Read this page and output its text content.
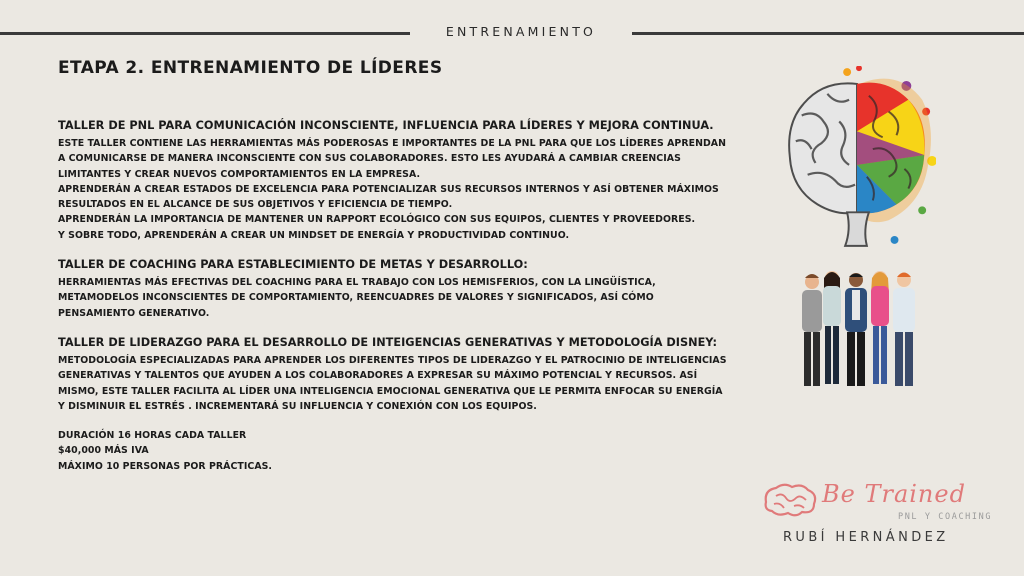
ENTRENAMIENTO
ETAPA 2. ENTRENAMIENTO DE LÍDERES
TALLER DE PNL PARA COMUNICACIÓN INCONSCIENTE, INFLUENCIA PARA LÍDERES Y MEJORA CONTINUA.

ESTE TALLER CONTIENE LAS HERRAMIENTAS MÁS PODEROSAS E IMPORTANTES DE LA PNL PARA QUE LOS LÍDERES APRENDAN

A COMUNICARSE DE MANERA INCONSCIENTE CON SUS COLABORADORES. ESTO LES AYUDARÁ A CAMBIAR CREENCIAS

LIMITANTES Y CREAR NUEVOS COMPORTAMIENTOS EN LA EMPRESA.

APRENDERÁN A CREAR ESTADOS DE EXCELENCIA PARA POTENCIALIZAR SUS RECURSOS INTERNOS Y ASÍ OBTENER MÁXIMOS

RESULTADOS EN EL ALCANCE DE SUS OBJETIVOS Y EFICIENCIA DE TIEMPO.

APRENDERÁN LA IMPORTANCIA DE MANTENER UN RAPPORT ECOLÓGICO CON SUS EQUIPOS, CLIENTES Y PROVEEDORES.

Y SOBRE TODO, APRENDERÁN A CREAR UN MINDSET DE ENERGÍA Y PRODUCTIVIDAD CONTINUO.

TALLER DE COACHING PARA ESTABLECIMIENTO DE METAS Y DESARROLLO:

HERRAMIENTAS MÁS EFECTIVAS DEL COACHING PARA EL TRABAJO CON LOS HEMISFERIOS, CON LA LINGÜÍSTICA,

METAMODELOS INCONSCIENTES DE COMPORTAMIENTO, REENCUADRES DE VALORES Y SIGNIFICADOS, ASÍ CÓMO

PENSAMIENTO GENERATIVO.

TALLER DE LIDERAZGO PARA EL DESARROLLO DE INTEIGENCIAS GENERATIVAS Y METODOLOGÍA DISNEY:

METODOLOGÍA ESPECIALIZADAS PARA APRENDER LOS DIFERENTES TIPOS DE LIDERAZGO Y EL PATROCINIO DE INTELIGENCIAS

GENERATIVAS Y TALENTOS QUE AYUDEN A LOS COLABORADORES A EXPRESAR SU MÁXIMO POTENCIAL Y RECURSOS. ASÍ

MISMO, ESTE TALLER FACILITA AL LÍDER UNA INTELIGENCIA EMOCIONAL GENERATIVA QUE LE PERMITA ENFOCAR SU ENERGÍA

Y DISMINUIR EL ESTRÉS . INCREMENTARÁ SU INFLUENCIA Y CONEXIÓN CON LOS EQUIPOS.

DURACIÓN 16 HORAS CADA TALLER

$40,000 MÁS IVA

MÁXIMO 10 PERSONAS POR PRÁCTICAS.

Be Trained
PNL Y COACHING
RUBÍ HERNÁNDEZ
